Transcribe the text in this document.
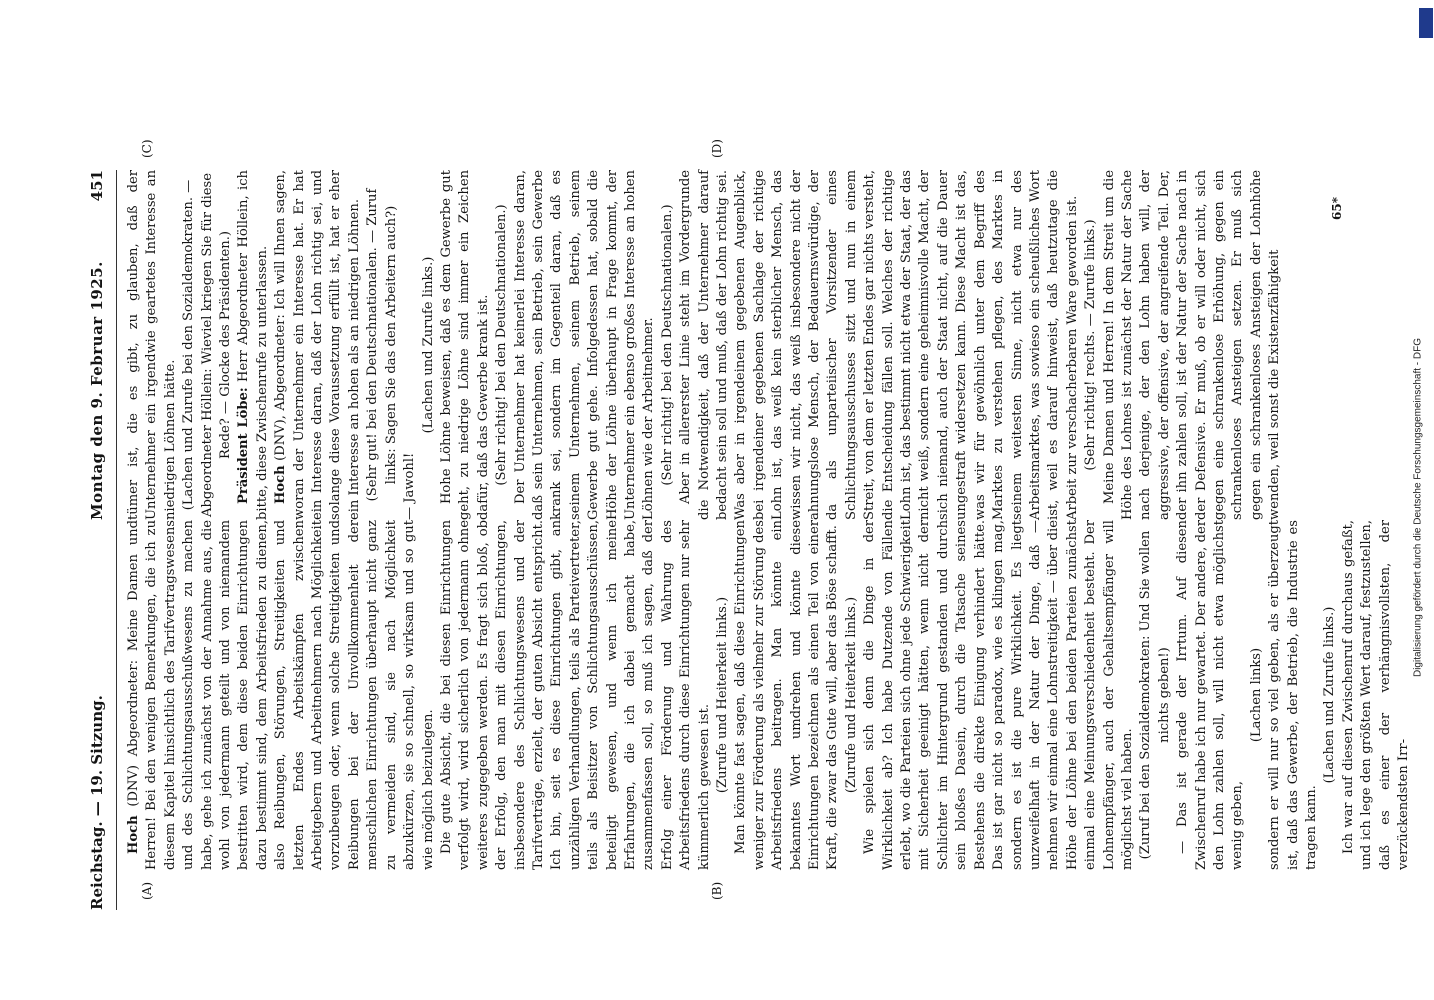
Reichstag. — 19. Sitzung.
Montag den 9. Februar 1925.
451
(A)	(B)
(C)	(D)

Hoch (DNV) Abgeordneter: Meine Damen und Herren! Bei den wenigen Bemerkungen, die ich zu diesem Kapitel hinsichtlich des Tarifvertragswesens und des Schlichtungsausschußwesens zu machen habe, gehe ich zunächst von der Annahme aus, die wohl von jedermann geteilt und von niemandem bestritten wird, dem diese beiden Einrichtungen dazu bestimmt sind, dem Arbeitsfrieden zu dienen, also Reibungen, Störungen, Streitigkeiten und letzten Endes Arbeitskämpfen zwischen Arbeitgebern und Arbeitnehmern nach Möglichkeit vorzubeugen oder, wenn solche Streitigkeiten und Reibungen bei der Unvollkommenheit der menschlichen Einrichtungen überhaupt nicht ganz zu vermeiden sind, sie nach Möglichkeit abzukürzen, sie so schnell, so wirksam und so gut wie möglich beizulegen. Die gute Absicht, die bei diesen Einrichtungen verfolgt wird, wird sicherlich von jedermann ohne weiteres zugegeben werden. Es fragt sich bloß, ob der Erfolg, den man mit diesen Einrichtungen, insbesondere des Schlichtungswesens und der Tarifverträge, erzielt, der guten Absicht entspricht. Ich bin, seit es diese Einrichtungen gibt, an unzähligen Verhandlungen, teils als Parteivertreter, teils als Beisitzer von Schlichtungsausschüssen, beteiligt gewesen, und wenn ich meine Erfahrungen, die ich dabei gemacht habe, zusammenfassen soll, so muß ich sagen, daß der Erfolg einer Förderung und Wahrung des Arbeitsfriedens durch diese Einrichtungen nur sehr kümmerlich gewesen ist. (Zurufe und Heiterkeit links.) Man könnte fast sagen, daß diese Einrichtungen weniger zur Förderung als vielmehr zur Störung des Arbeitsfriedens beitragen. Man könnte ein bekanntes Wort umdrehen und könnte diese Einrichtungen bezeichnen als einen Teil von einer Kraft, die zwar das Gute will, aber das Böse schafft. (Zurufe und Heiterkeit links.) Wie spielen sich denn die Dinge in der Wirklichkeit ab? Ich habe Dutzende von Fällen erlebt, wo die Parteien sich ohne jede Schwierigkeit mit Sicherheit geeinigt hätten, wenn nicht der Schlichter im Hintergrund gestanden und durch sein bloßes Dasein, durch die Tatsache seines Bestehens die direkte Einigung verhindert hätte. Das ist gar nicht so paradox, wie es klingen mag, sondern es ist die pure Wirklichkeit. Es liegt unzweifelhaft in der Natur der Dinge, daß — nehmen wir einmal eine Lohnstreitigkeit — über die Höhe der Löhne bei den beiden Parteien zunächst einmal eine Meinungsverschiedenheit besteht. Der Lohnempfänger, auch der Gehaltsempfänger will möglichst viel haben. (Zuruf bei den Sozialdemokraten: Und Sie wollen nichts geben!) — Das ist gerade der Irrtum. Auf diesen Zwischenruf habe ich nur gewartet. Der andere, der den Lohn zahlen soll, will nicht etwa möglichst wenig geben,

(Lachen links) sondern er will nur so viel geben, als er überzeugt ist, daß das Gewerbe, der Betrieb, die Industrie es tragen kann.

(Lachen und Zurufe links.) Ich war auf diesen Zwischenruf durchaus gefaßt, und ich lege den größten Wert darauf, festzustellen, daß es einer der verhängnisvollsten, der verzückendsten Irr-

tümer ist, die es gibt, zu glauben, daß der Unternehmer ein irgendwie geartetes Interesse an niedrigen Löhnen hätte. (Lachen und Zurufe bei den Sozialdemokraten. — Abgeordneter Höllein: Wieviel kriegen Sie für diese Rede? — Glocke des Präsidenten.) Präsident Löbe: Herr Abgeordneter Höllein, ich bitte, diese Zwischenrufe zu unterlassen. Hoch (DNV), Abgeordneter: Ich will Ihnen sagen, woran der Unternehmer ein Interesse hat. Er hat ein Interesse daran, daß der Lohn richtig sei, und solange diese Voraussetzung erfüllt ist, hat er eher ein Interesse an hohen als an niedrigen Löhnen. (Sehr gut! bei den Deutschnationalen. — Zuruf links: Sagen Sie das den Arbeitern auch?)

— Jawohl!

(Lachen und Zurufe links.) Hohe Löhne beweisen, daß es dem Gewerbe gut geht, zu niedrige Löhne sind immer ein Zeichen dafür, daß das Gewerbe krank ist. (Sehr richtig! bei den Deutschnationalen.) Der Unternehmer hat keinerlei Interesse daran, daß sein Unternehmen, sein Betrieb, sein Gewerbe krank sei, sondern im Gegenteil daran, daß es seinem Unternehmen, seinem Betrieb, seinem Gewerbe gut gehe. Infolgedessen hat, sobald die Höhe der Löhne überhaupt in Frage kommt, der Unternehmer ein ebenso großes Interesse an hohen Löhnen wie der Arbeitnehmer. (Sehr richtig! bei den Deutschnationalen.) Aber in allererster Linie steht im Vordergrunde die Notwendigkeit, daß der Unternehmer darauf bedacht sein soll und muß, daß der Lohn richtig sei. Was aber in irgendeinem gegebenen Augenblick, bei irgendeiner gegebenen Sachlage der richtige Lohn ist, das weiß kein sterblicher Mensch, das wissen wir nicht, das weiß insbesondere nicht der ahnungslose Mensch, der Bedauernswürdige, der da als unparteiischer Vorsitzender eines Schlichtungsausschusses sitzt und nun in einem Streit, von dem er letzten Endes gar nichts versteht, die Entscheidung fällen soll. Welches der richtige Lohn ist, das bestimmt nicht etwa der Staat, der das nicht weiß, sondern eine geheimnisvolle Macht, der sich niemand, auch der Staat nicht, auf die Dauer ungestraft widersetzen kann. Diese Macht ist das, was wir für gewöhnlich unter dem Begriff des Marktes zu verstehen pflegen, des Marktes in seinem weitesten Sinne, nicht etwa nur des Arbeitsmarktes, was sowieso ein scheußliches Wort ist, weil es darauf hinweist, daß heutzutage die Arbeit zur verschacherbaren Ware geworden ist. (Sehr richtig! rechts. — Zurufe links.) Meine Damen und Herren! In dem Streit um die Höhe des Lohnes ist zunächst der Natur der Sache nach derjenige, der den Lohn haben will, der aggressive, der offensive, der angreifende Teil. Der, der ihn zahlen soll, ist der Natur der Sache nach in der Defensive. Er muß, ob er will oder nicht, sich gegen eine schrankenlose Erhöhung, gegen ein schrankenloses Ansteigen setzen. Er muß sich gegen ein schrankenloses Ansteigen der Lohnhöhe wenden, weil sonst die Existenzfähigkeit

65*
Digitalisierung gefördert durch die Deutsche Forschungsgemeinschaft - DFG
